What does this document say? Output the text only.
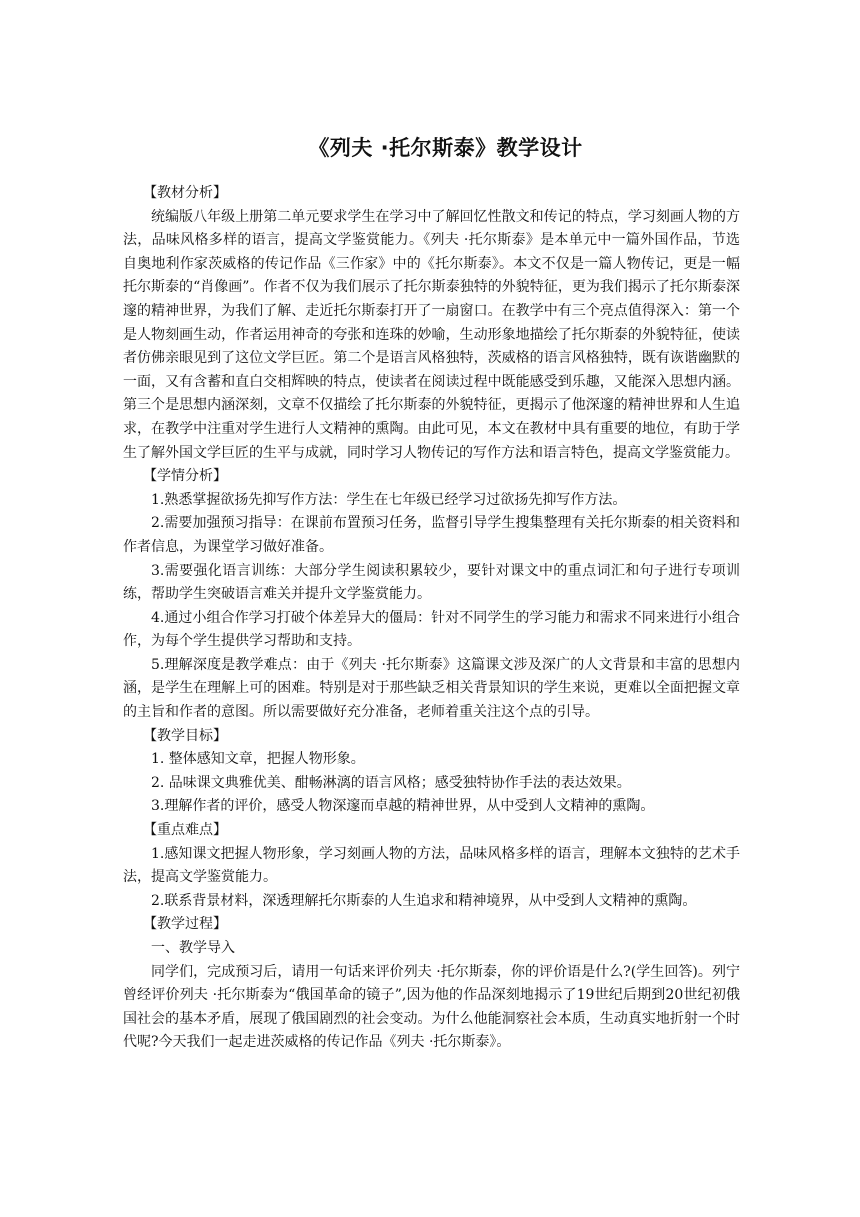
《列夫 ·托尔斯泰》教学设计
【教材分析】

统编版八年级上册第二单元要求学生在学习中了解回忆性散文和传记的特点，学习刻画人物的方法，品味风格多样的语言，提高文学鉴赏能力。《列夫 ·托尔斯泰》是本单元中一篇外国作品，节选自奥地利作家茨威格的传记作品《三作家》中的《托尔斯泰》。本文不仅是一篇人物传记，更是一幅托尔斯泰的“肖像画”。作者不仅为我们展示了托尔斯泰独特的外貌特征，更为我们揭示了托尔斯泰深邃的精神世界，为我们了解、走近托尔斯泰打开了一扇窗口。在教学中有三个亮点值得深入：第一个是人物刻画生动，作者运用神奇的夸张和连珠的妙喻，生动形象地描绘了托尔斯泰的外貌特征，使读者仿佛亲眼见到了这位文学巨匠。第二个是语言风格独特，茨威格的语言风格独特，既有诙谐幽默的一面，又有含蓄和直白交相辉映的特点，使读者在阅读过程中既能感受到乐趣，又能深入思想内涵。第三个是思想内涵深刻，文章不仅描绘了托尔斯泰的外貌特征，更揭示了他深邃的精神世界和人生追求，在教学中注重对学生进行人文精神的熏陶。由此可见，本文在教材中具有重要的地位，有助于学生了解外国文学巨匠的生平与成就，同时学习人物传记的写作方法和语言特色，提高文学鉴赏能力。

【学情分析】

1.熟悉掌握欲扬先抑写作方法：学生在七年级已经学习过欲扬先抑写作方法。

2.需要加强预习指导：在课前布置预习任务，监督引导学生搜集整理有关托尔斯泰的相关资料和作者信息，为课堂学习做好准备。

3.需要强化语言训练：大部分学生阅读积累较少，要针对课文中的重点词汇和句子进行专项训练，帮助学生突破语言难关并提升文学鉴赏能力。

4.通过小组合作学习打破个体差异大的僵局：针对不同学生的学习能力和需求不同来进行小组合作，为每个学生提供学习帮助和支持。

5.理解深度是教学难点：由于《列夫 ·托尔斯泰》这篇课文涉及深广的人文背景和丰富的思想内涵，是学生在理解上可的困难。特别是对于那些缺乏相关背景知识的学生来说，更难以全面把握文章的主旨和作者的意图。所以需要做好充分准备，老师着重关注这个点的引导。

【教学目标】

1. 整体感知文章，把握人物形象。

2. 品味课文典雅优美、酣畅淋漓的语言风格；感受独特协作手法的表达效果。

3.理解作者的评价，感受人物深邃而卓越的精神世界，从中受到人文精神的熏陶。

【重点难点】

1.感知课文把握人物形象，学习刻画人物的方法，品味风格多样的语言，理解本文独特的艺术手法，提高文学鉴赏能力。

2.联系背景材料，深透理解托尔斯泰的人生追求和精神境界，从中受到人文精神的熏陶。

【教学过程】

一、教学导入

同学们，完成预习后，请用一句话来评价列夫 ·托尔斯泰，你的评价语是什么?(学生回答)。列宁曾经评价列夫 ·托尔斯泰为“俄国革命的镜子”,因为他的作品深刻地揭示了19世纪后期到20世纪初俄国社会的基本矛盾，展现了俄国剧烈的社会变动。为什么他能洞察社会本质，生动真实地折射一个时代呢?今天我们一起走进茨威格的传记作品《列夫 ·托尔斯泰》。
